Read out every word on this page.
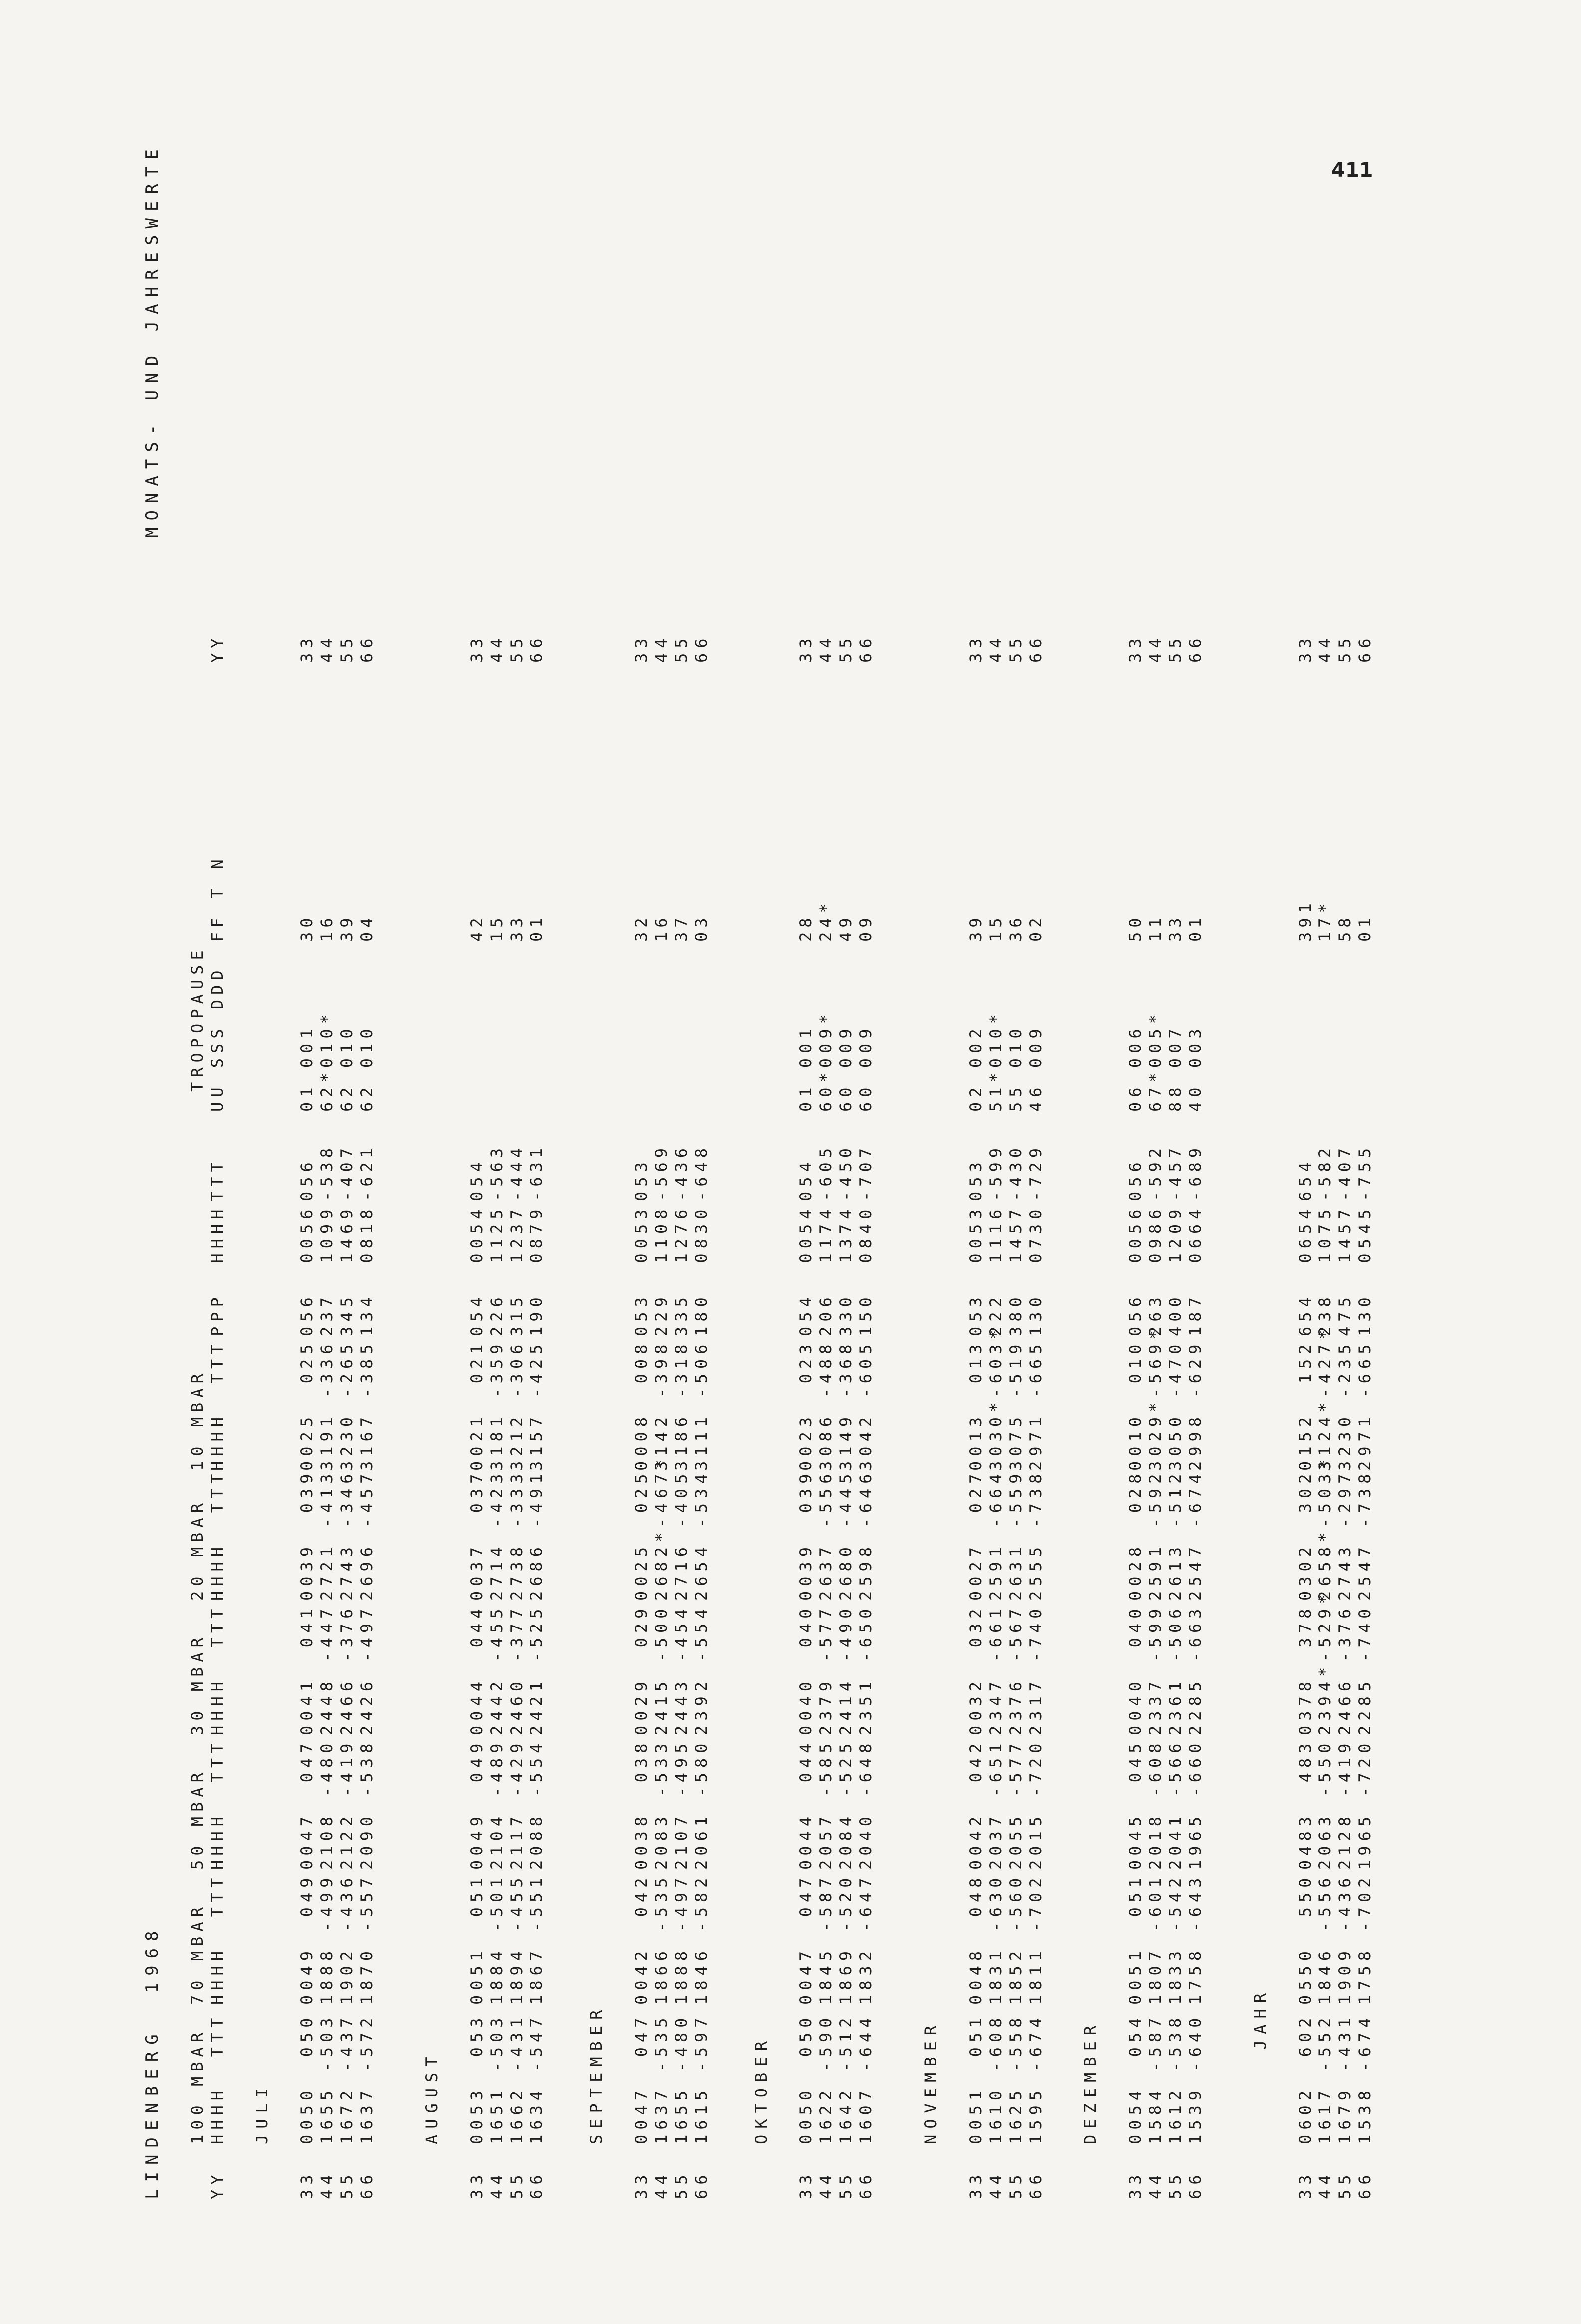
411
LINDENBERG  1968
MONATS- UND JAHRESWERTE
TROPOPAUSE
YY
100 MBAR HHHH  TTT
70 MBAR HHHH  TTT
50 MBAR HHHH  TTT
30 MBAR HHHH  TTT
20 MBAR HHHH  TTT
10 MBAR HHHH  TTT
PPP  HHHH
TTT
UU SSS DDD
FF T N
YY
JULI
33
0050  050
0049  049
0047  047
0041  041
0039  039
0025  025
056  0056
056
01 001
30
33
44
1655 -503
1888 -499
2108 -480
2448 -447
2721 -413
3191 -336
237  1099
-538
62*010*
16
44
55
1672 -437
1902 -436
2122 -419
2466 -376
2743 -346
3230 -265
345  1469
-407
62 010
39
55
66
1637 -572
1870 -557
2090 -538
2426 -497
2696 -457
3167 -385
134  0818
-621
62 010
04
66
AUGUST
33
0053  053
0051  051
0049  049
0044  044
0037  037
0021  021
054  0054
054
42
33
44
1651 -503
1884 -501
2104 -489
2442 -455
2714 -423
3181 -359
226  1125
-563
15
44
55
1662 -431
1894 -455
2117 -429
2460 -377
2738 -333
3212 -306
315  1237
-444
33
55
66
1634 -547
1867 -551
2088 -554
2421 -525
2686 -491
3157 -425
190  0879
-631
01
66
SEPTEMBER
33
0047  047
0042  042
0038  038
0029  029
0025  025
0008  008
053  0053
053
32
33
44
1637 -535
1866 -535
2083 -533
2415 -500
2682*-467*
3142 -398
229  1108
-569
16
44
55
1655 -480
1888 -497
2107 -495
2443 -454
2716 -405
3186 -318
335  1276
-436
37
55
66
1615 -597
1846 -582
2061 -580
2392 -554
2654 -534
3111 -506
180  0830
-648
03
66
OKTOBER
33
0050  050
0047  047
0044  044
0040  040
0039  039
0023  023
054  0054
054
01 001
28
33
44
1622 -590
1845 -587
2057 -585
2379 -577
2637 -556
3086 -488
206  1174
-605
60*009*
24*
44
55
1642 -512
1869 -520
2084 -525
2414 -490
2680 -445
3149 -368
330  1374
-450
60 009
49
55
66
1607 -644
1832 -647
2040 -648
2351 -650
2598 -646
3042 -605
150  0840
-707
60 009
09
66
NOVEMBER
33
0051  051
0048  048
0042  042
0032  032
0027  027
0013  013
053  0053
053
02 002
39
33
44
1610 -608
1831 -630
2037 -651
2347 -661
2591 -664
3030*-603*
222  1116
-599
51*010*
15
44
55
1625 -558
1852 -560
2055 -577
2376 -567
2631 -559
3075 -519
380  1457
-430
55 010
36
55
66
1595 -674
1811 -702
2015 -720
2317 -740
2555 -738
2971 -665
130  0730
-729
46 009
02
66
DEZEMBER
33
0054  054
0051  051
0045  045
0040  040
0028  028
0010  010
056  0056
056
06 006
50
33
44
1584 -587
1807 -601
2018 -608
2337 -599
2591 -592
3029*-569*
263  0986
-592
67*005*
11
44
55
1612 -538
1833 -542
2041 -566
2361 -506
2613 -512
3050 -470
400  1209
-457
88 007
33
55
66
1539 -640
1758 -643
1965 -660
2285 -663
2547 -674
2998 -629
187  0664
-689
40 003
01
66
JAHR
33
0602  602
0550  550
0483  483
0378  378
0302  302
0152  152
654  0654
654
391
33
44
1617 -552
1846 -556
2063 -550
2394*-529*
2658*-503*
3124*-427*
238  1075
-582
17*
44
55
1679 -431
1909 -436
2128 -419
2466 -376
2743 -297
3230 -235
475  1457
-407
58
55
66
1538 -674
1758 -702
1965 -720
2285 -740
2547 -738
2971 -665
130  0545
-755
01
66
